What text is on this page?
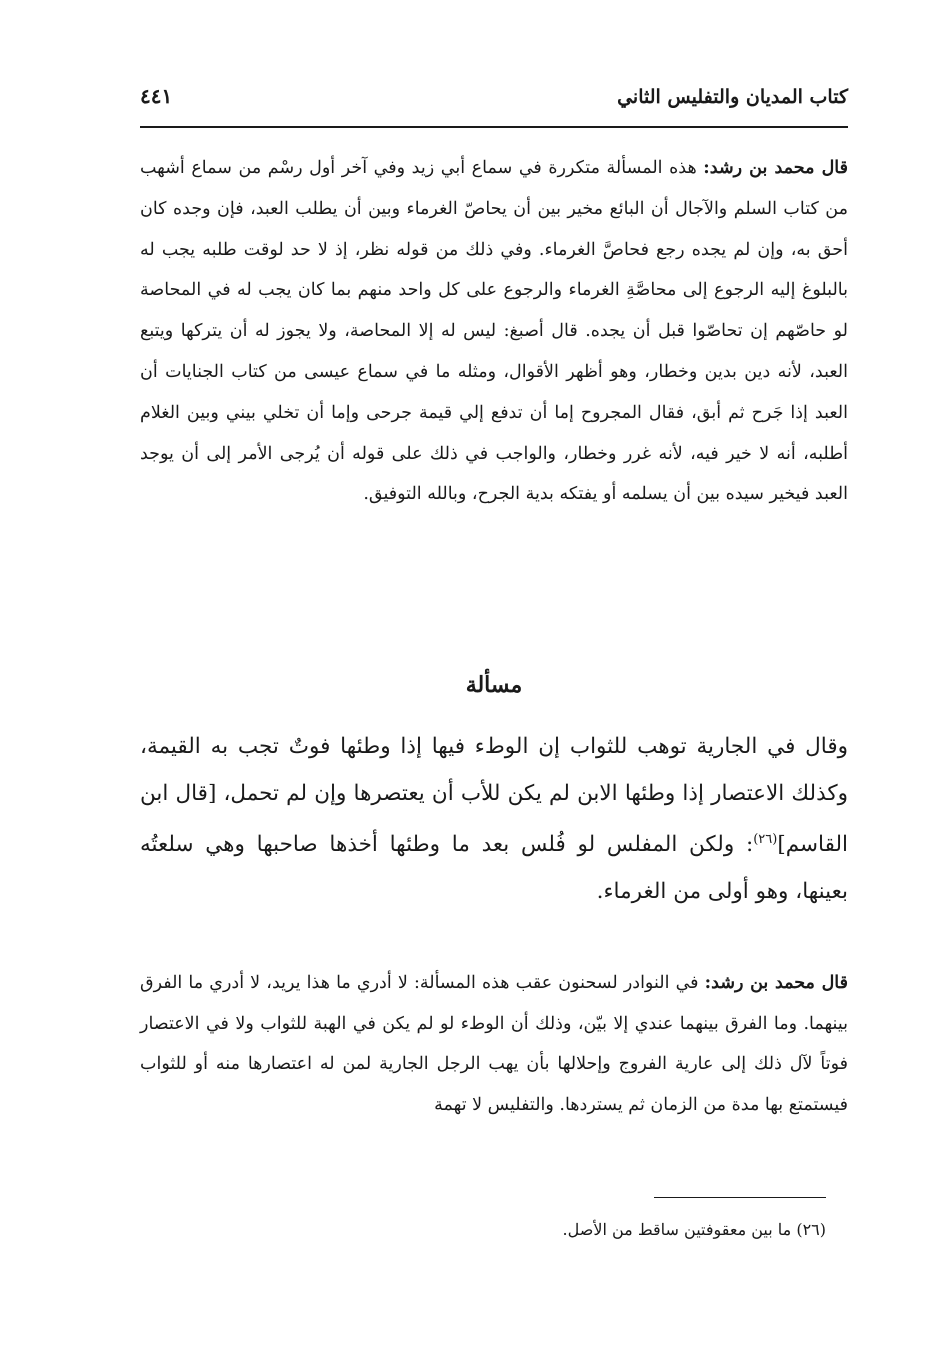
كتاب المديان والتفليس الثاني
٤٤١

قال محمد بن رشد: هذه المسألة متكررة في سماع أبي زيد وفي آخر أول رسْم من سماع أشهب من كتاب السلم والآجال أن البائع مخير بين أن يحاصّ الغرماء وبين أن يطلب العبد، فإن وجده كان أحق به، وإن لم يجده رجع فحاصَّ الغرماء. وفي ذلك من قوله نظر، إذ لا حد لوقت طلبه يجب له بالبلوغ إليه الرجوع إلى محاصَّةِ الغرماء والرجوع على كل واحد منهم بما كان يجب له في المحاصة لو حاصّهم إن تحاصّوا قبل أن يجده. قال أصبغ: ليس له إلا المحاصة، ولا يجوز له أن يتركها ويتبع العبد، لأنه دين بدين وخطار، وهو أظهر الأقوال، ومثله ما في سماع عيسى من كتاب الجنايات أن العبد إذا جَرح ثم أبق، فقال المجروح إما أن تدفع إلي قيمة جرحى وإما أن تخلي بيني وبين الغلام أطلبه، أنه لا خير فيه، لأنه غرر وخطار، والواجب في ذلك على قوله أن يُرجى الأمر إلى أن يوجد العبد فيخير سيده بين أن يسلمه أو يفتكه بدية الجرح، وبالله التوفيق.

مسألة

وقال في الجارية توهب للثواب إن الوطء فيها إذا وطئها فوتٌ تجب به القيمة، وكذلك الاعتصار إذا وطئها الابن لم يكن للأب أن يعتصرها وإن لم تحمل، [قال ابن القاسم]$^{(٢٦)}$: ولكن المفلس لو فُلس بعد ما وطئها أخذها صاحبها وهي سلعتُه بعينها، وهو أولى من الغرماء.

قال محمد بن رشد: في النوادر لسحنون عقب هذه المسألة: لا أدري ما هذا يريد، لا أدري ما الفرق بينهما. وما الفرق بينهما عندي إلا بيّن، وذلك أن الوطء لو لم يكن في الهبة للثواب ولا في الاعتصار فوتاً لآل ذلك إلى عارية الفروج وإحلالها بأن يهب الرجل الجارية لمن له اعتصارها منه أو للثواب فيستمتع بها مدة من الزمان ثم يستردها. والتفليس لا تهمة

(٢٦) ما بين معقوفتين ساقط من الأصل.
